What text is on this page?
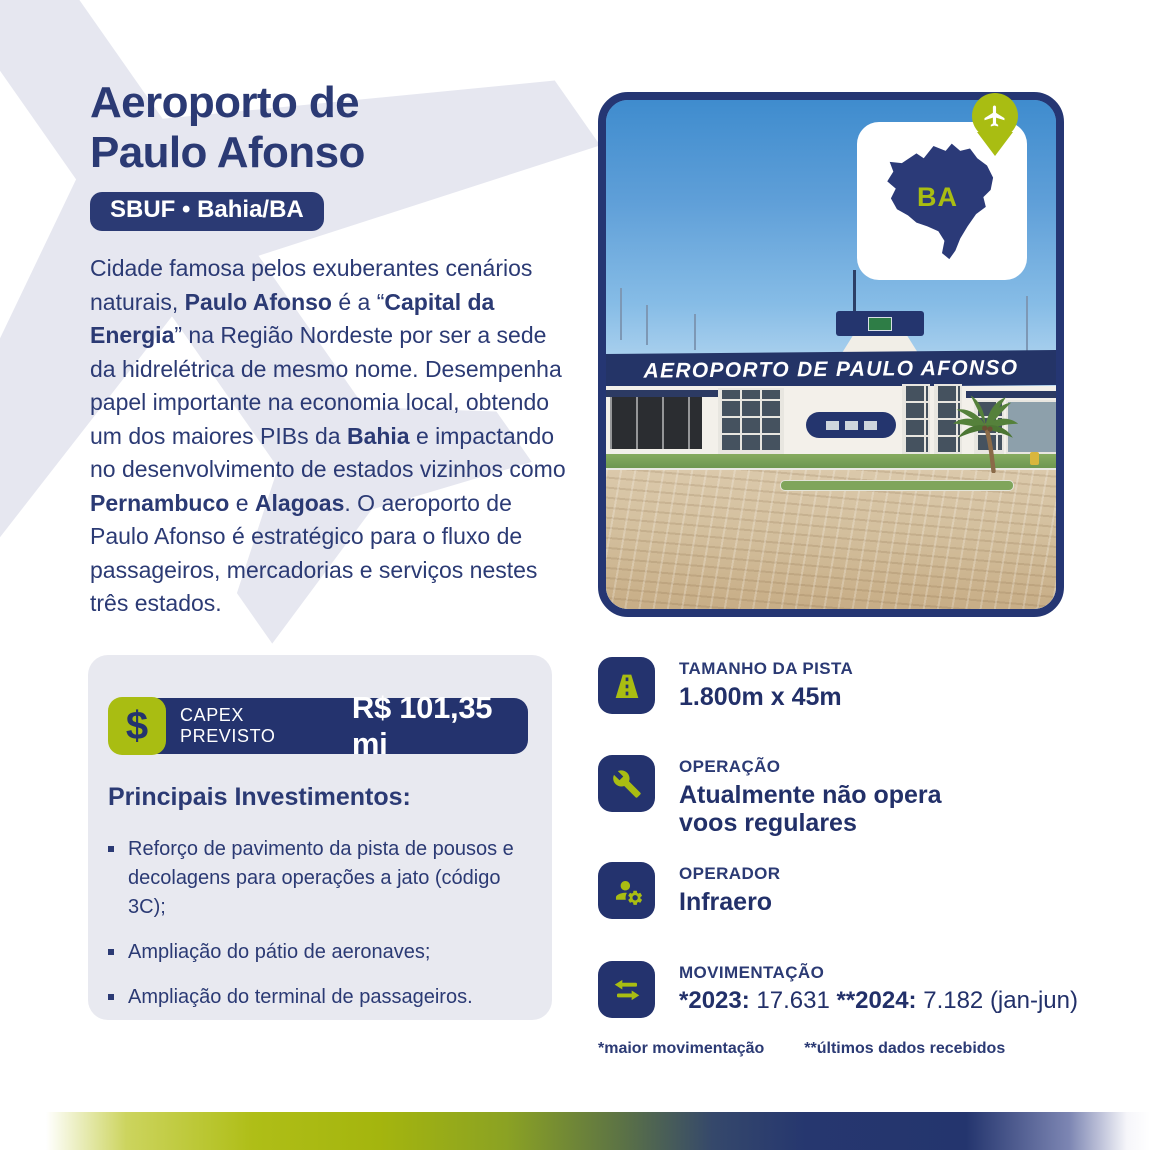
Aeroporto de
Paulo Afonso
SBUF • Bahia/BA

Cidade famosa pelos exuberantes cenários naturais, Paulo Afonso é a “Capital da Energia” na Região Nordeste por ser a sede da hidrelétrica de mesmo nome. Desempenha papel importante na economia local, obtendo um dos maiores PIBs da Bahia e impactando no desenvolvimento de estados vizinhos como Pernambuco e Alagoas. O aeroporto de Paulo Afonso é estratégico para o fluxo de passageiros, mercadorias e serviços nestes três estados.

AEROPORTO DE PAULO AFONSO
BA
CAPEX PREVISTO
R$ 101,35 mi
$
Principais Investimentos:
Reforço de pavimento da pista de pousos e decolagens para operações a jato (código 3C);
Ampliação do pátio de aeronaves;
Ampliação do terminal de passageiros.
TAMANHO DA PISTA
1.800m x 45m
OPERAÇÃO
Atualmente não opera voos regulares
OPERADOR
Infraero
MOVIMENTAÇÃO
*2023: 17.631 **2024: 7.182 (jan-jun)
*maior movimentação	**últimos dados recebidos
